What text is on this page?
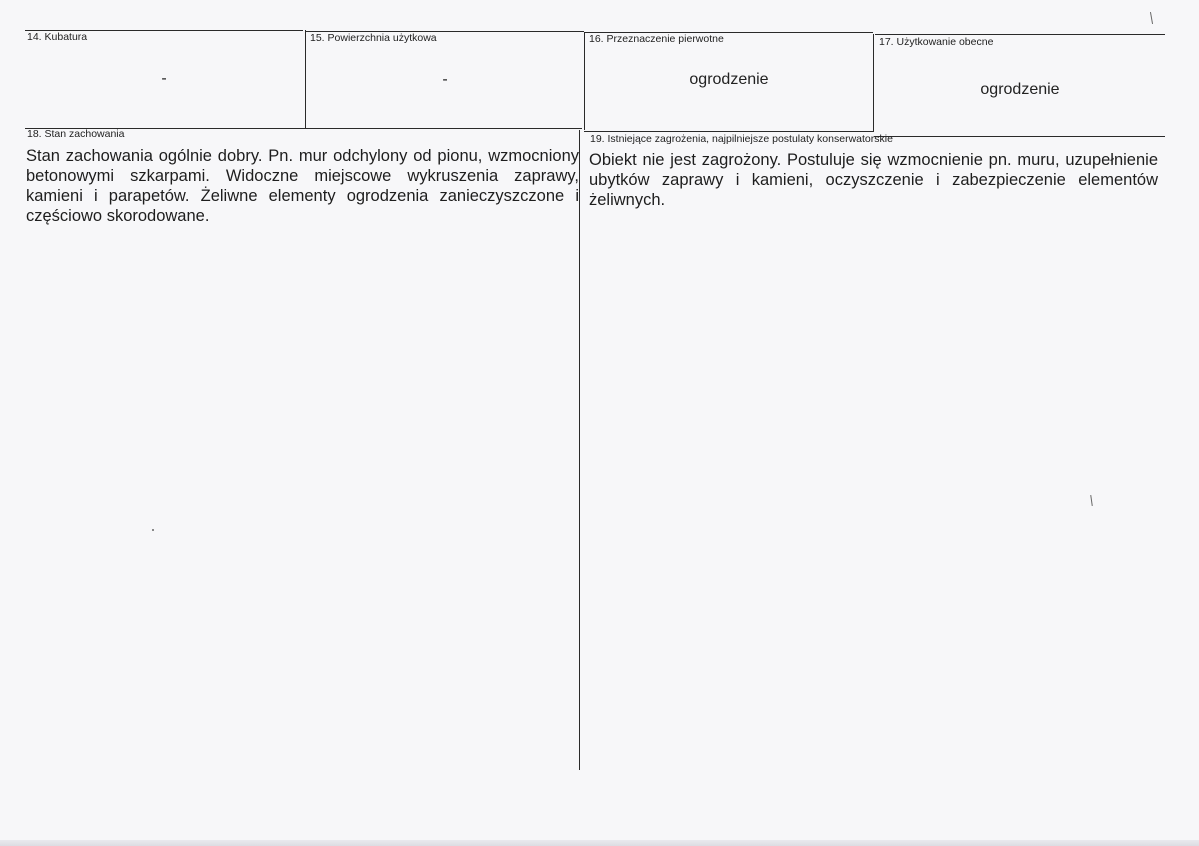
14. Kubatura
-
15. Powierzchnia użytkowa
-
16. Przeznaczenie pierwotne
ogrodzenie
17. Użytkowanie obecne
ogrodzenie
18. Stan zachowania
Stan zachowania ogólnie dobry. Pn. mur odchylony od pionu, wzmocniony betonowymi szkarpami. Widoczne miejscowe wykruszenia zaprawy, kamieni i parapetów. Żeliwne elementy ogrodzenia zanieczyszczone i częściowo skorodowane.
19. Istniejące zagrożenia, najpilniejsze postulaty konserwatorskie
Obiekt nie jest zagrożony. Postuluje się wzmocnienie pn. muru, uzupełnienie ubytków zaprawy i kamieni, oczyszczenie i zabezpieczenie elementów żeliwnych.
